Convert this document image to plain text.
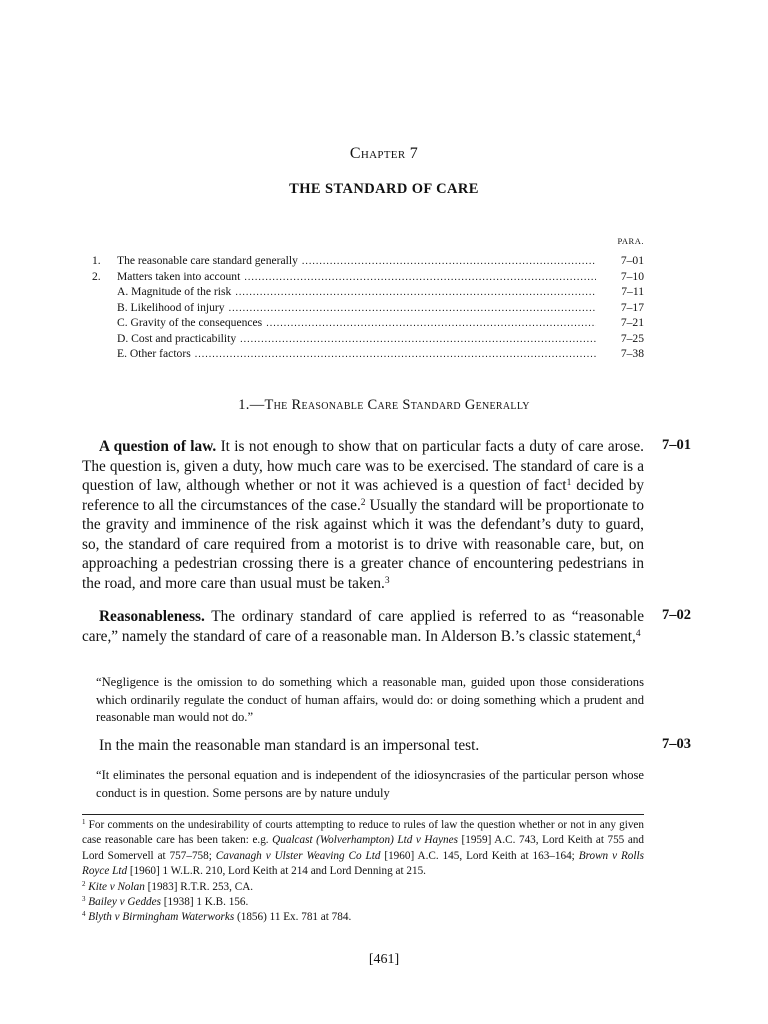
Chapter 7
THE STANDARD OF CARE
PARA.
1.	The reasonable care standard generally .....	7–01
2.	Matters taken into account .....	7–10
A. Magnitude of the risk .....	7–11
B. Likelihood of injury .....	7–17
C. Gravity of the consequences .....	7–21
D. Cost and practicability .....	7–25
E. Other factors .....	7–38
1.—The Reasonable Care Standard Generally
A question of law. It is not enough to show that on particular facts a duty of care arose. The question is, given a duty, how much care was to be exercised. The standard of care is a question of law, although whether or not it was achieved is a question of fact$^1$ decided by reference to all the circumstances of the case.$^2$ Usually the standard will be proportionate to the gravity and imminence of the risk against which it was the defendant’s duty to guard, so, the standard of care required from a motorist is to drive with reasonable care, but, on approaching a pedestrian crossing there is a greater chance of encountering pedestrians in the road, and more care than usual must be taken.$^3$
7–01
Reasonableness. The ordinary standard of care applied is referred to as “reasonable care,” namely the standard of care of a reasonable man. In Alderson B.’s classic statement,$^4$
7–02
“Negligence is the omission to do something which a reasonable man, guided upon those considerations which ordinarily regulate the conduct of human affairs, would do: or doing something which a prudent and reasonable man would not do.”
In the main the reasonable man standard is an impersonal test.	7–03
“It eliminates the personal equation and is independent of the idiosyncrasies of the particular person whose conduct is in question. Some persons are by nature unduly

$^1$ For comments on the undesirability of courts attempting to reduce to rules of law the question whether or not in any given case reasonable care has been taken: e.g. Qualcast (Wolverhampton) Ltd v Haynes [1959] A.C. 743, Lord Keith at 755 and Lord Somervell at 757–758; Cavanagh v Ulster Weaving Co Ltd [1960] A.C. 145, Lord Keith at 163–164; Brown v Rolls Royce Ltd [1960] 1 W.L.R. 210, Lord Keith at 214 and Lord Denning at 215.

$^2$ Kite v Nolan [1983] R.T.R. 253, CA.

$^3$ Bailey v Geddes [1938] 1 K.B. 156.

$^4$ Blyth v Birmingham Waterworks (1856) 11 Ex. 781 at 784.

[461]
